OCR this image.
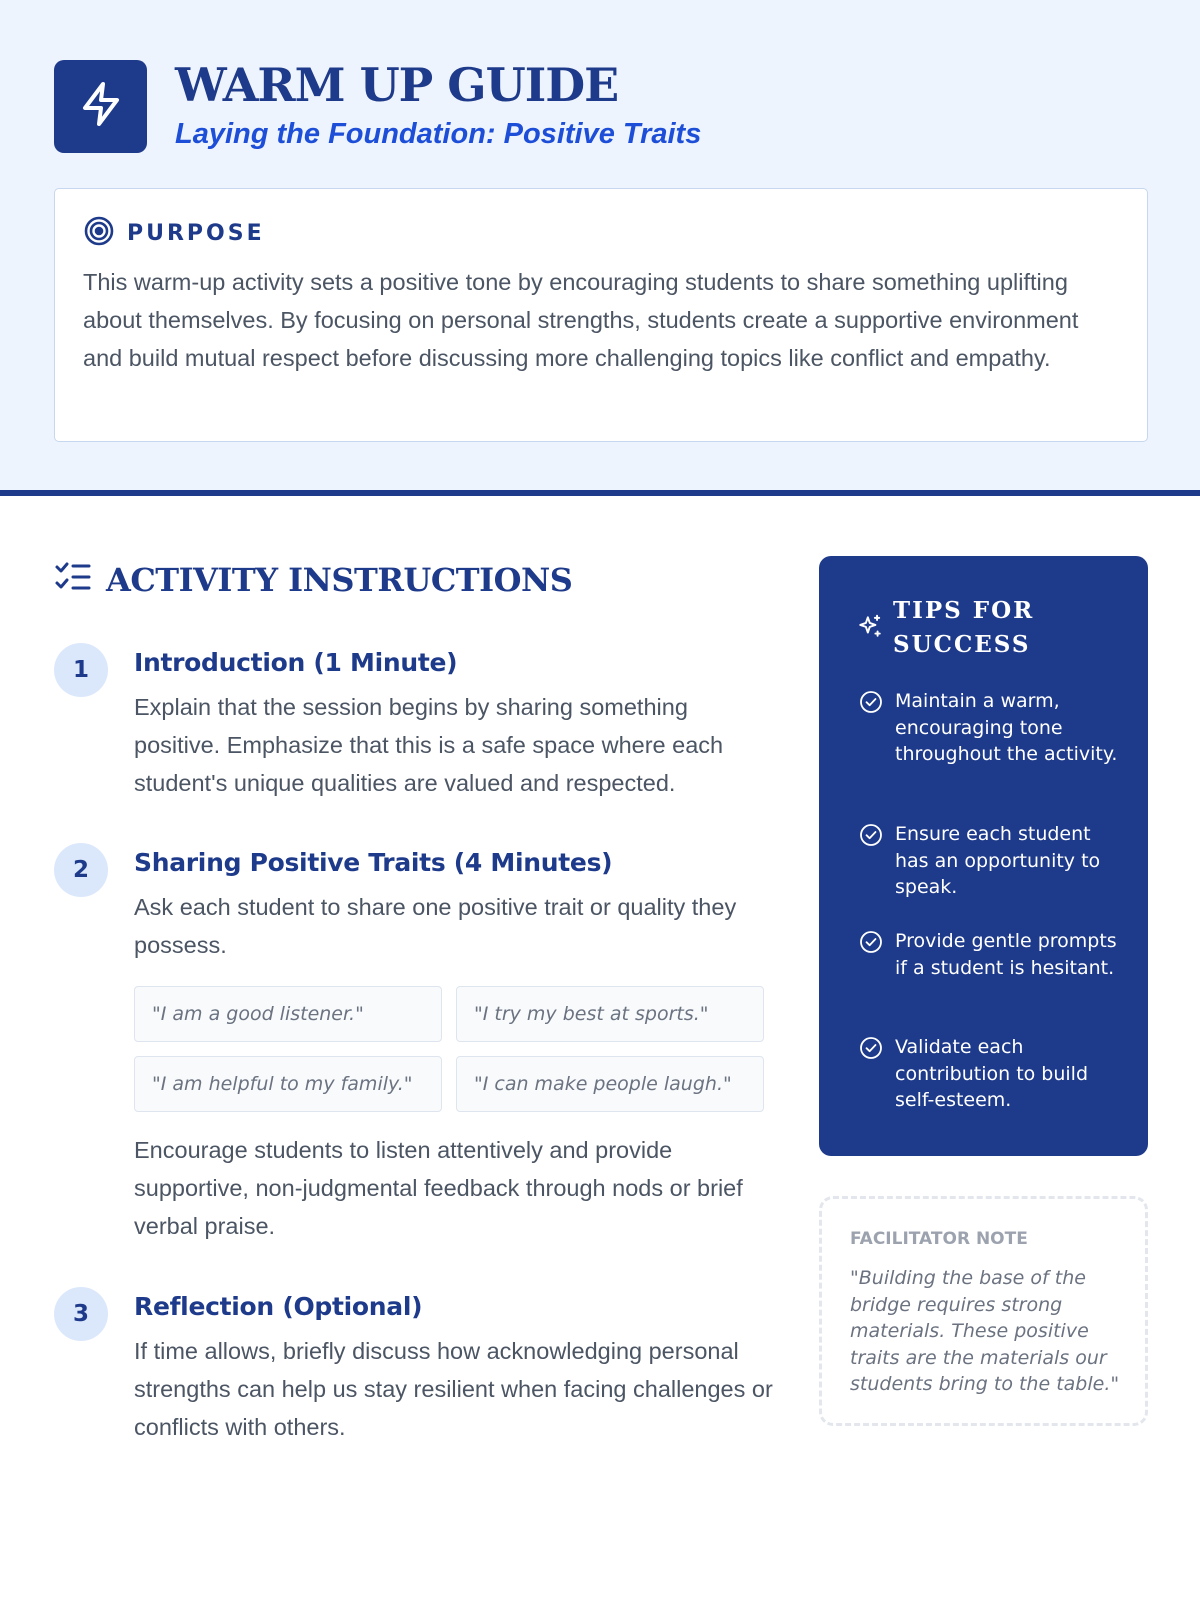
WARM UP GUIDE
Laying the Foundation: Positive Traits
PURPOSE
This warm-up activity sets a positive tone by encouraging students to share something uplifting about themselves. By focusing on personal strengths, students create a supportive environment and build mutual respect before discussing more challenging topics like conflict and empathy.
ACTIVITY INSTRUCTIONS
1	Introduction (1 Minute)
Explain that the session begins by sharing something positive. Emphasize that this is a safe space where each student's unique qualities are valued and respected.
2	Sharing Positive Traits (4 Minutes)
Ask each student to share one positive trait or quality they possess.
"I am a good listener."	"I try my best at sports."
"I am helpful to my family."	"I can make people laugh."
Encourage students to listen attentively and provide supportive, non-judgmental feedback through nods or brief verbal praise.
3	Reflection (Optional)
If time allows, briefly discuss how acknowledging personal strengths can help us stay resilient when facing challenges or conflicts with others.
TIPS FOR SUCCESS
Maintain a warm, encouraging tone throughout the activity.
Ensure each student has an opportunity to speak.
Provide gentle prompts if a student is hesitant.
Validate each contribution to build self-esteem.
FACILITATOR NOTE
"Building the base of the bridge requires strong materials. These positive traits are the materials our students bring to the table."
